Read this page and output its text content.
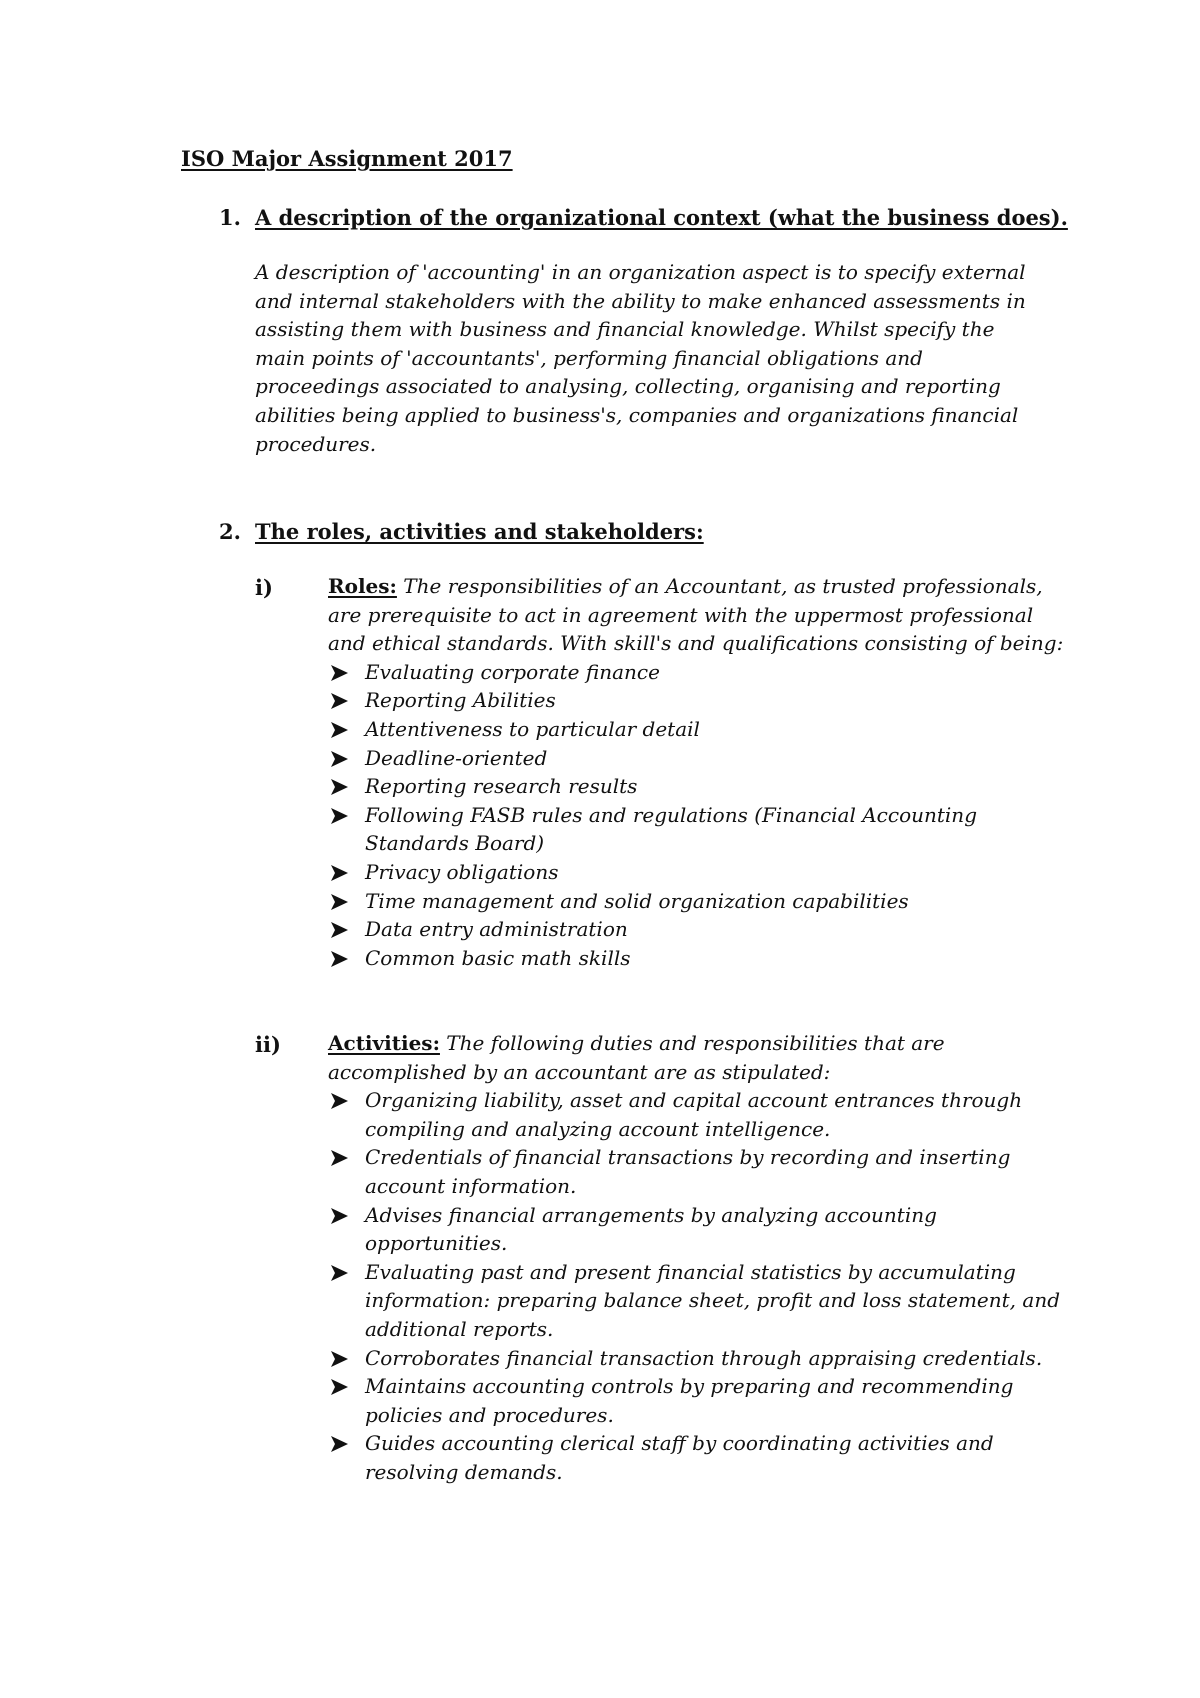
ISO Major Assignment 2017
1. A description of the organizational context (what the business does).

A description of 'accounting' in an organization aspect is to specify external and internal stakeholders with the ability to make enhanced assessments in assisting them with business and financial knowledge. Whilst specify the main points of 'accountants', performing financial obligations and proceedings associated to analysing, collecting, organising and reporting abilities being applied to business's, companies and organizations financial procedures.

2. The roles, activities and stakeholders:
i)	Roles: The responsibilities of an Accountant, as trusted professionals, are prerequisite to act in agreement with the uppermost professional and ethical standards. With skill's and qualifications consisting of being:

Evaluating corporate finance
Reporting Abilities
Attentiveness to particular detail
Deadline-oriented
Reporting research results
Following FASB rules and regulations (Financial Accounting Standards Board)
Privacy obligations
Time management and solid organization capabilities
Data entry administration
Common basic math skills
ii) Activities: The following duties and responsibilities that are accomplished by an accountant are as stipulated:

Organizing liability, asset and capital account entrances through compiling and analyzing account intelligence.
Credentials of financial transactions by recording and inserting account information.
Advises financial arrangements by analyzing accounting opportunities.
Evaluating past and present financial statistics by accumulating information: preparing balance sheet, profit and loss statement, and additional reports.
Corroborates financial transaction through appraising credentials.
Maintains accounting controls by preparing and recommending policies and procedures.
Guides accounting clerical staff by coordinating activities and resolving demands.
